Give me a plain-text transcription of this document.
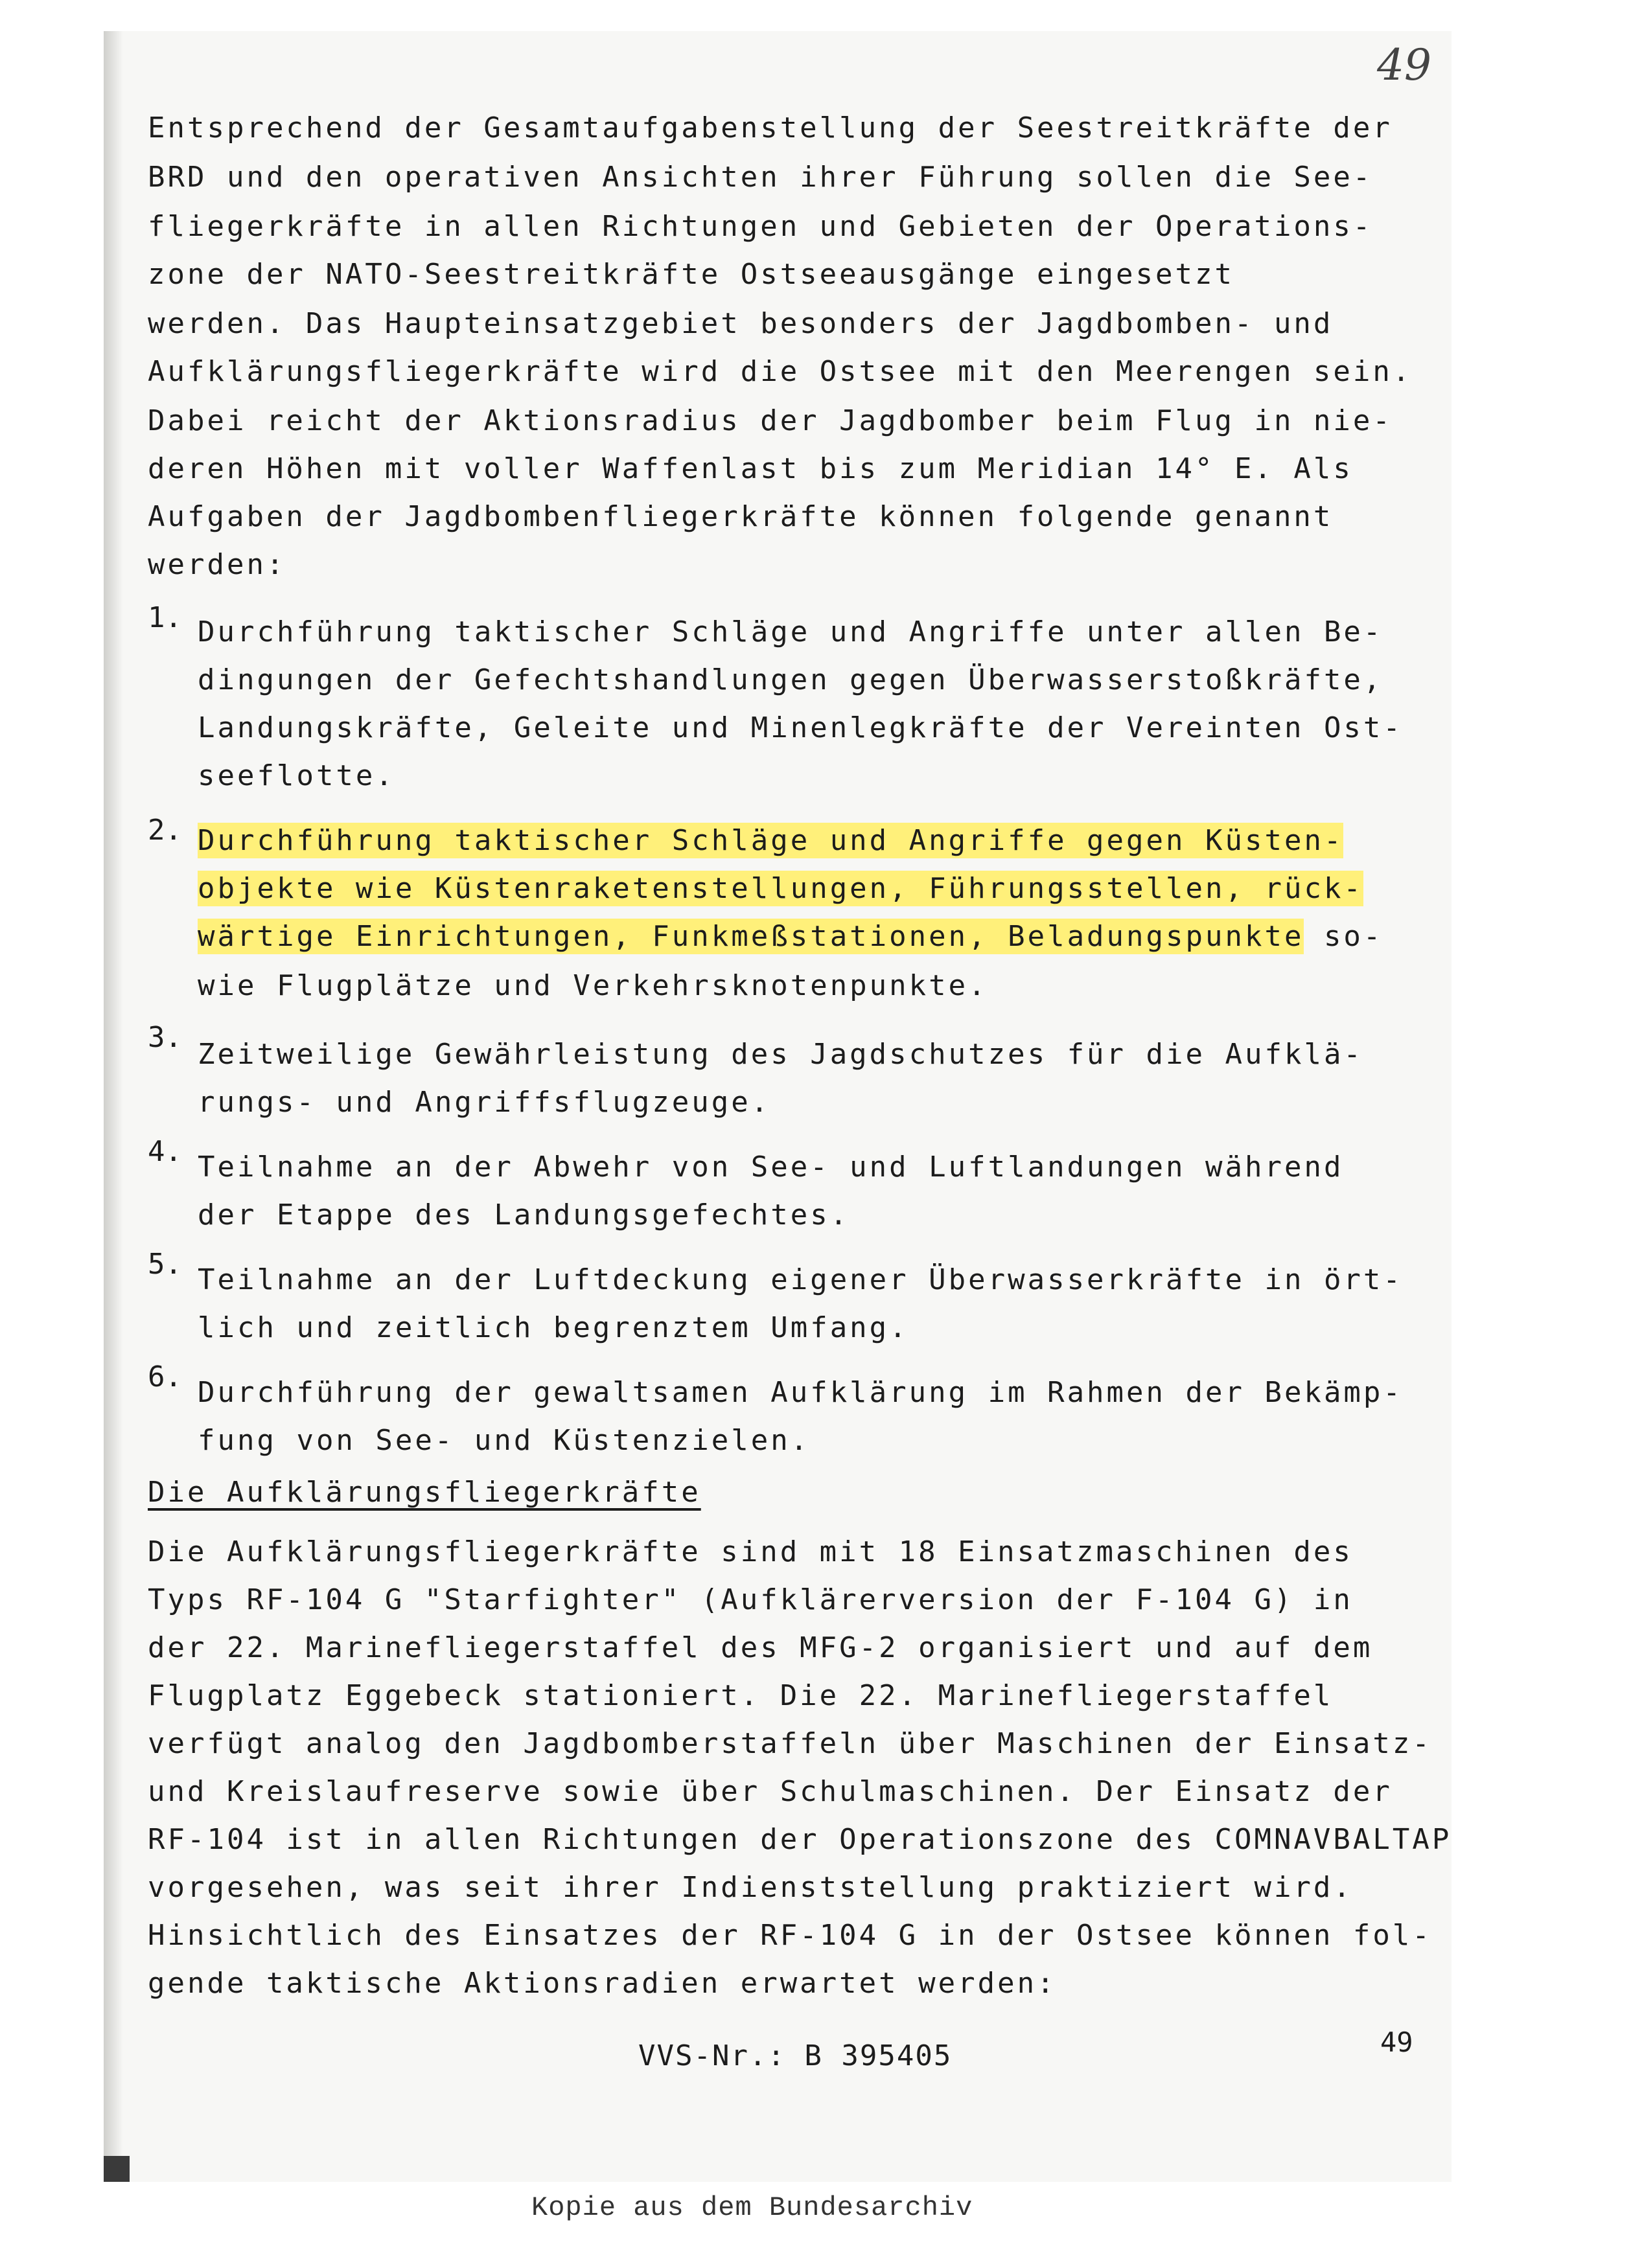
49
Entsprechend der Gesamtaufgabenstellung der Seestreitkräfte der
BRD und den operativen Ansichten ihrer Führung sollen die See-
fliegerkräfte in allen Richtungen und Gebieten der Operations-
zone der NATO-Seestreitkräfte Ostseeausgänge eingesetzt
werden. Das Haupteinsatzgebiet besonders der Jagdbomben- und
Aufklärungsfliegerkräfte wird die Ostsee mit den Meerengen sein.
Dabei reicht der Aktionsradius der Jagdbomber beim Flug in nie-
deren Höhen mit voller Waffenlast bis zum Meridian 14° E. Als
Aufgaben der Jagdbombenfliegerkräfte können folgende genannt
werden:
1. Durchführung taktischer Schläge und Angriffe unter allen Be-
dingungen der Gefechtshandlungen gegen Überwasserstoßkräfte,
Landungskräfte, Geleite und Minenlegkräfte der Vereinten Ost-
seeflotte.
2. Durchführung taktischer Schläge und Angriffe gegen Küsten-
objekte wie Küstenraketenstellungen, Führungsstellen, rück-
wärtige Einrichtungen, Funkmeßstationen, Beladungspunkte so-
wie Flugplätze und Verkehrsknotenpunkte.
3.
Zeitweilige Gewährleistung des Jagdschutzes für die Aufklä-
rungs- und Angriffsflugzeuge.
4. Teilnahme an der Abwehr von See- und Luftlandungen während
der Etappe des Landungsgefechtes.
5. Teilnahme an der Luftdeckung eigener Überwasserkräfte in ört-
lich und zeitlich begrenztem Umfang.
6. Durchführung der gewaltsamen Aufklärung im Rahmen der Bekämp-
fung von See- und Küstenzielen.
Die Aufklärungsfliegerkräfte
Die Aufklärungsfliegerkräfte sind mit 18 Einsatzmaschinen des
Typs RF-104 G "Starfighter" (Aufklärerversion der F-104 G) in
der 22. Marinefliegerstaffel des MFG-2 organisiert und auf dem
Flugplatz Eggebeck stationiert. Die 22. Marinefliegerstaffel
verfügt analog den Jagdbomberstaffeln über Maschinen der Einsatz-
und Kreislaufreserve sowie über Schulmaschinen. Der Einsatz der
RF-104 ist in allen Richtungen der Operationszone des COMNAVBALTAP
vorgesehen, was seit ihrer Indienststellung praktiziert wird.
Hinsichtlich des Einsatzes der RF-104 G in der Ostsee können fol-
gende taktische Aktionsradien erwartet werden:
VVS-Nr.: B 395405	49
Kopie aus dem Bundesarchiv
